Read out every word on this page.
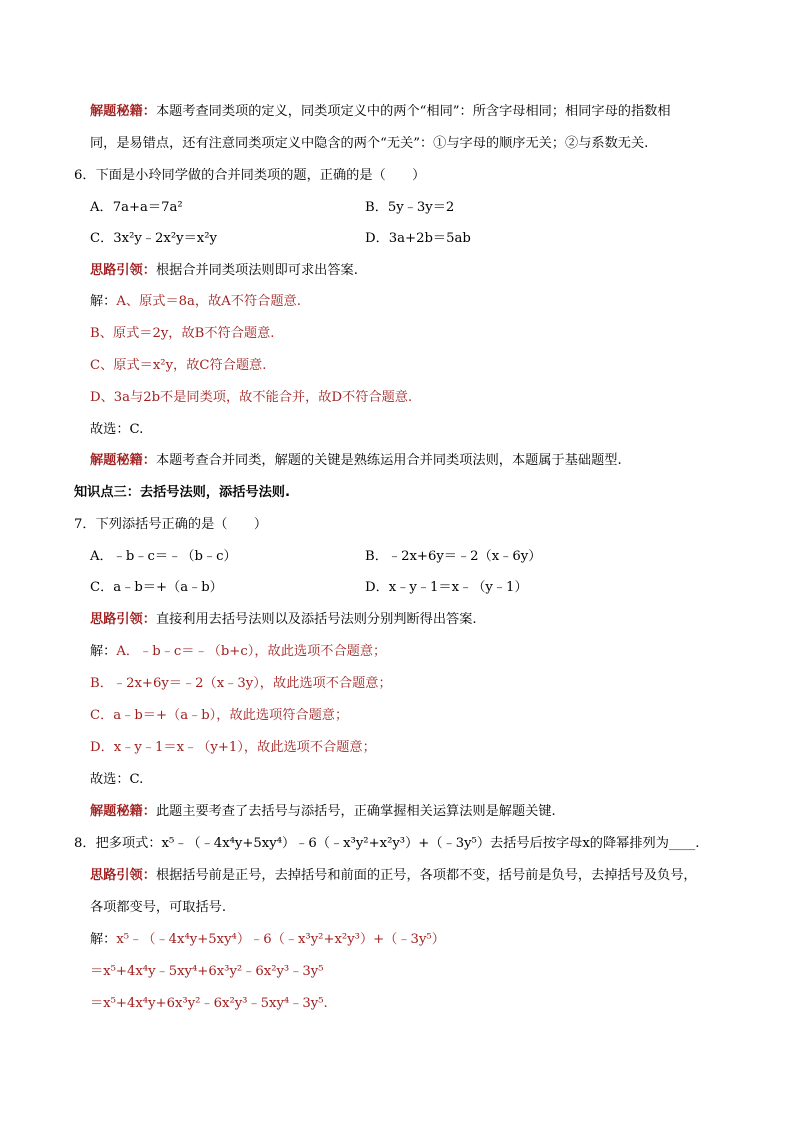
解题秘籍：本题考查同类项的定义，同类项定义中的两个“相同”：所含字母相同；相同字母的指数相
同，是易错点，还有注意同类项定义中隐含的两个“无关”：①与字母的顺序无关；②与系数无关.
6．下面是小玲同学做的合并同类项的题，正确的是（　　）
A．7a+a＝7a²	B．5y﹣3y＝2
C．3x²y﹣2x²y＝x²y	D．3a+2b＝5ab
思路引领：根据合并同类项法则即可求出答案.
解：A、原式＝8a，故A不符合题意.
B、原式＝2y，故B不符合题意.
C、原式＝x²y，故C符合题意.
D、3a与2b不是同类项，故不能合并，故D不符合题意.
故选：C.
解题秘籍：本题考查合并同类，解题的关键是熟练运用合并同类项法则，本题属于基础题型.
知识点三：去括号法则，添括号法则.
7．下列添括号正确的是（　　）
A．﹣b﹣c＝﹣（b﹣c）	B．﹣2x+6y＝﹣2（x﹣6y）
C．a﹣b＝+（a﹣b）	D．x﹣y﹣1＝x﹣（y﹣1）
思路引领：直接利用去括号法则以及添括号法则分别判断得出答案.
解：A．﹣b﹣c＝﹣（b+c），故此选项不合题意；
B．﹣2x+6y＝﹣2（x﹣3y），故此选项不合题意；
C．a﹣b＝+（a﹣b），故此选项符合题意；
D．x﹣y﹣1＝x﹣（y+1），故此选项不合题意；
故选：C.
解题秘籍：此题主要考查了去括号与添括号，正确掌握相关运算法则是解题关键.
8．把多项式：x⁵﹣（﹣4x⁴y+5xy⁴）﹣6（﹣x³y²+x²y³）+（﹣3y⁵）去括号后按字母x的降幂排列为____.
思路引领：根据括号前是正号，去掉括号和前面的正号，各项都不变，括号前是负号，去掉括号及负号，
各项都变号，可取括号.
解：x⁵﹣（﹣4x⁴y+5xy⁴）﹣6（﹣x³y²+x²y³）+（﹣3y⁵）
＝x⁵+4x⁴y﹣5xy⁴+6x³y²﹣6x²y³﹣3y⁵
＝x⁵+4x⁴y+6x³y²﹣6x²y³﹣5xy⁴﹣3y⁵.
